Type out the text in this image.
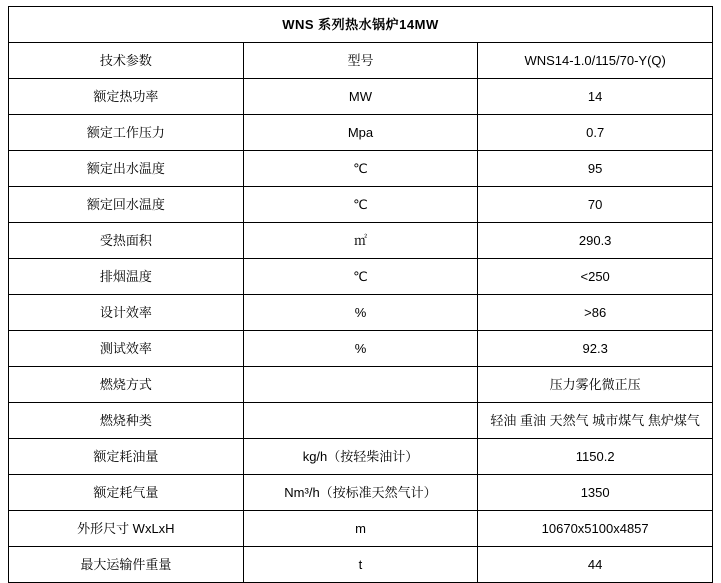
WNS 系列热水锅炉14MW		
技术参数	型号	WNS14-1.0/115/70-Y(Q)
额定热功率	MW	14
额定工作压力	Mpa	0.7
额定出水温度	℃	95
额定回水温度	℃	70
受热面积	㎡	290.3
排烟温度	℃	<250
设计效率	%	>86
测试效率	%	92.3
燃烧方式		压力雾化微正压
燃烧种类		轻油 重油 天然气 城市煤气 焦炉煤气
额定耗油量	kg/h（按轻柴油计）	1150.2
额定耗气量	Nm³/h（按标准天然气计）	1350
外形尺寸 WxLxH	m	10670x5100x4857
最大运输件重量	t	44
